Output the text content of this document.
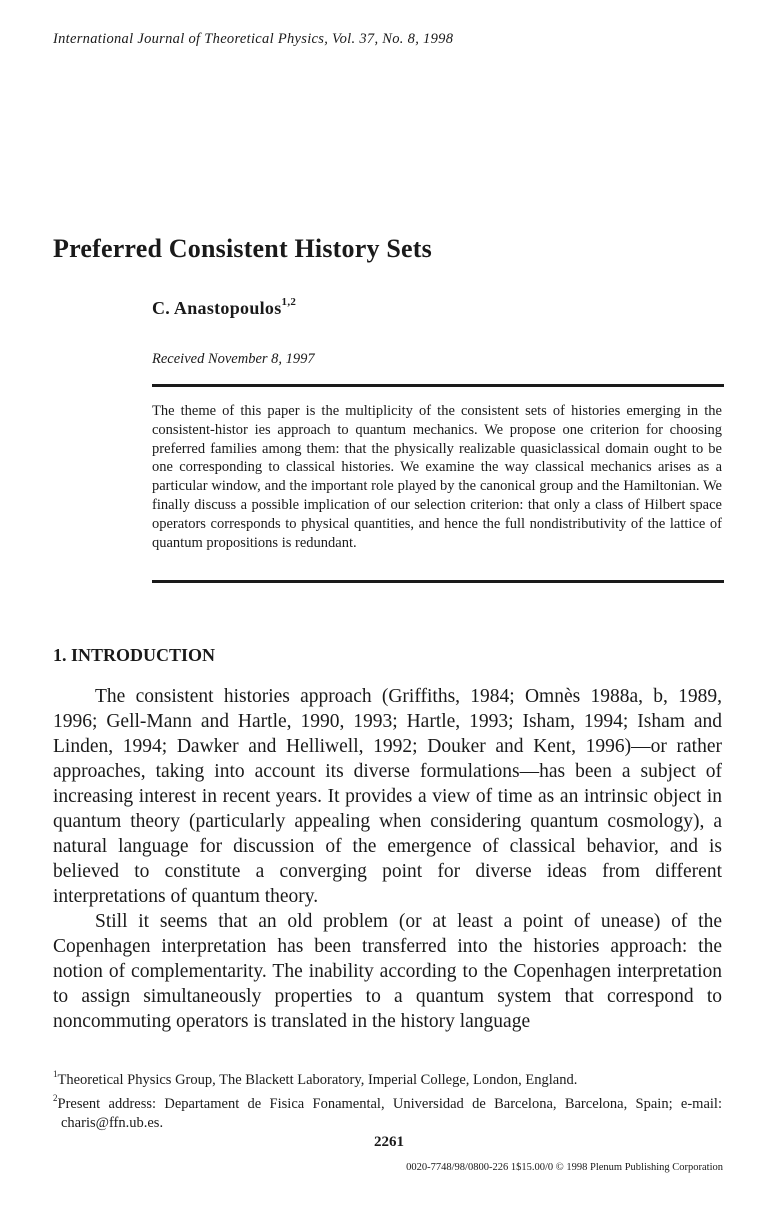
International Journal of Theoretical Physics, Vol. 37, No. 8, 1998
Preferred Consistent History Sets
C. Anastopoulos$^{1,2}$
Received November 8, 1997

The theme of this paper is the multiplicity of the consistent sets of histories emerging in the consistent-histor ies approach to quantum mechanics. We propose one criterion for choosing preferred families among them: that the physically realizable quasiclassical domain ought to be one corresponding to classical histories. We examine the way classical mechanics arises as a particular window, and the important role played by the canonical group and the Hamiltonian. We finally discuss a possible implication of our selection criterion: that only a class of Hilbert space operators corresponds to physical quantities, and hence the full nondistributivity of the lattice of quantum propositions is redundant.

1. INTRODUCTION

The consistent histories approach (Griffiths, 1984; Omnès 1988a, b, 1989, 1996; Gell-Mann and Hartle, 1990, 1993; Hartle, 1993; Isham, 1994; Isham and Linden, 1994; Dawker and Helliwell, 1992; Douker and Kent, 1996)—or rather approaches, taking into account its diverse formulations—has been a subject of increasing interest in recent years. It provides a view of time as an intrinsic object in quantum theory (particularly appealing when considering quantum cosmology), a natural language for discussion of the emergence of classical behavior, and is believed to constitute a converging point for diverse ideas from different interpretations of quantum theory.

Still it seems that an old problem (or at least a point of unease) of the Copenhagen interpretation has been transferred into the histories approach: the notion of complementarity. The inability according to the Copenhagen interpretation to assign simultaneously properties to a quantum system that correspond to noncommuting operators is translated in the history language

$^1$Theoretical Physics Group, The Blackett Laboratory, Imperial College, London, England.

$^2$Present address: Departament de Fisica Fonamental, Universidad de Barcelona, Barcelona, Spain; e-mail: charis@ffn.ub.es.

2261
0020-7748/98/0800-226 1$15.00/0 © 1998 Plenum Publishing Corporation
